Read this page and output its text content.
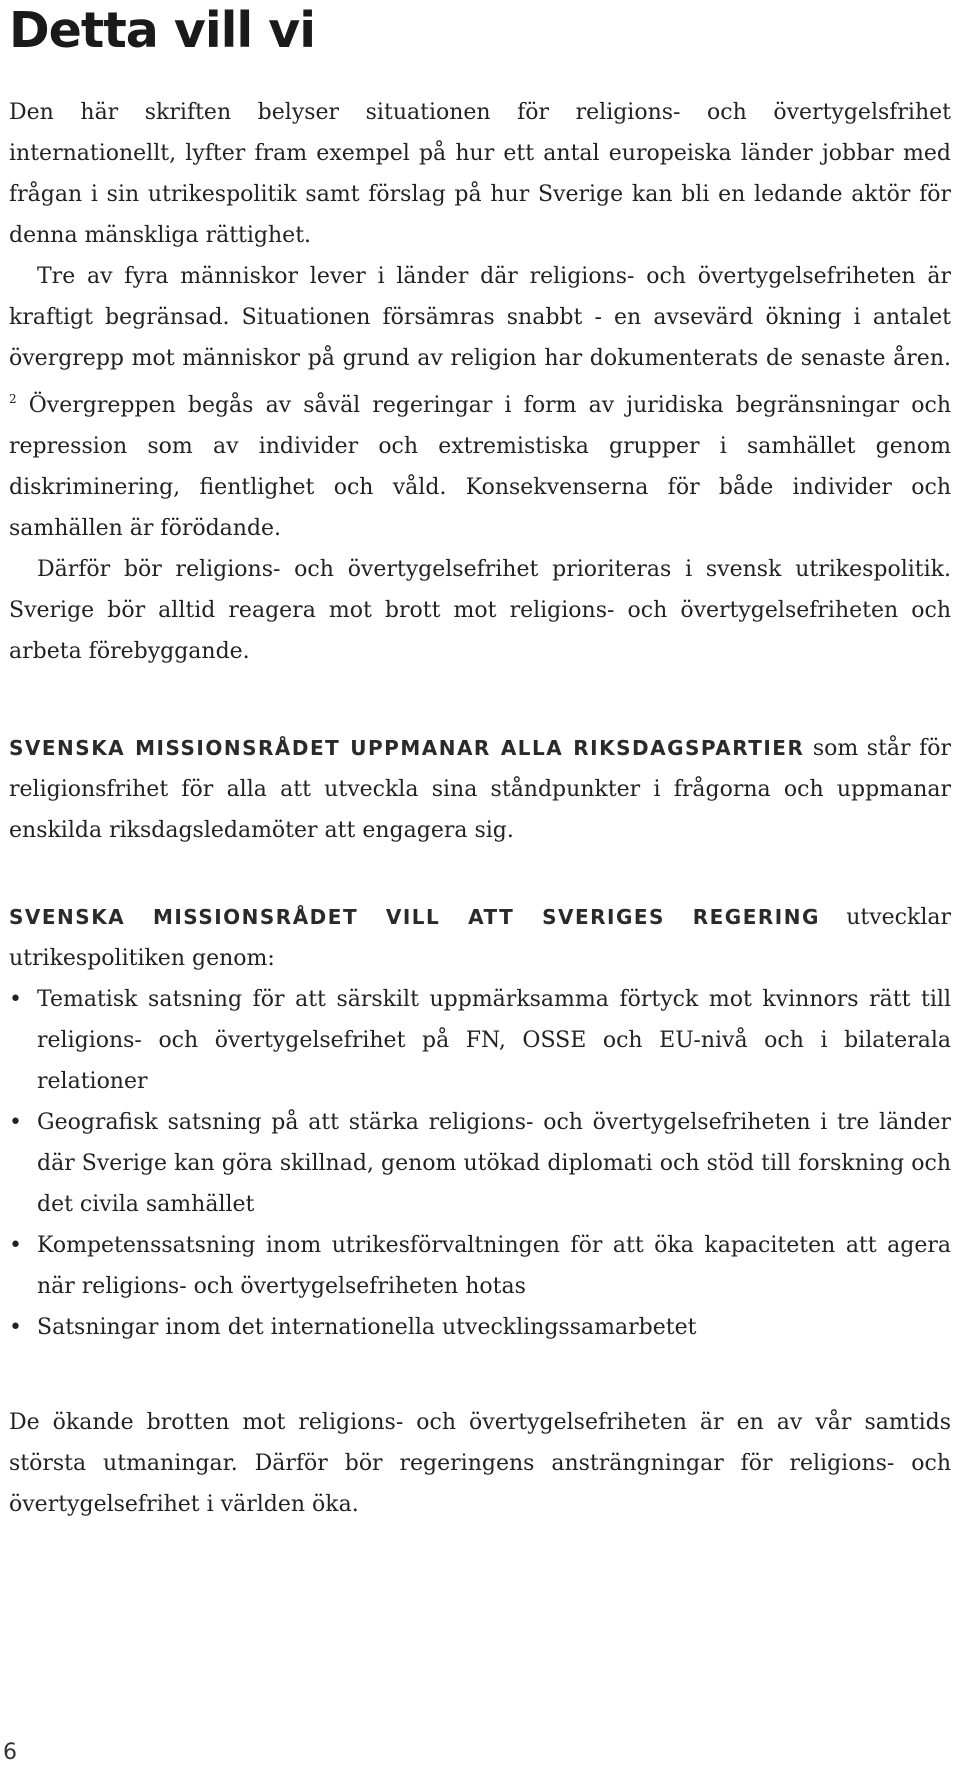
Detta vill vi

Den här skriften belyser situationen för religions- och övertygelsfrihet internationellt, lyfter fram exempel på hur ett antal europeiska länder jobbar med frågan i sin utrikespolitik samt förslag på hur Sverige kan bli en ledande aktör för denna mänskliga rättighet.

Tre av fyra människor lever i länder där religions- och övertygelsefriheten är kraftigt begränsad. Situationen försämras snabbt - en avsevärd ökning i antalet övergrepp mot människor på grund av religion har dokumenterats de senaste åren. $^2$ Övergreppen begås av såväl regeringar i form av juridiska begränsningar och repression som av individer och extremistiska grupper i samhället genom diskriminering, fientlighet och våld. Konsekvenserna för både individer och samhällen är förödande.

Därför bör religions- och övertygelsefrihet prioriteras i svensk utrikespolitik. Sverige bör alltid reagera mot brott mot religions- och övertygelsefriheten och arbeta förebyggande.

SVENSKA MISSIONSRÅDET UPPMANAR ALLA RIKSDAGSPARTIER som står för religionsfrihet för alla att utveckla sina ståndpunkter i frågorna och uppmanar enskilda riksdagsledamöter att engagera sig.

SVENSKA MISSIONSRÅDET VILL ATT SVERIGES REGERING utvecklar utrikespolitiken genom:

• Tematisk satsning för att särskilt uppmärksamma förtyck mot kvinnors rätt till religions- och övertygelsefrihet på FN, OSSE och EU-nivå och i bilaterala relationer
• Geografisk satsning på att stärka religions- och övertygelsefriheten i tre länder där Sverige kan göra skillnad, genom utökad diplomati och stöd till forskning och det civila samhället
• Kompetenssatsning inom utrikesförvaltningen för att öka kapaciteten att agera när religions- och övertygelsefriheten hotas
• Satsningar inom det internationella utvecklingssamarbetet

De ökande brotten mot religions- och övertygelsefriheten är en av vår samtids största utmaningar. Därför bör regeringens ansträngningar för religions- och övertygelsefrihet i världen öka.

6
